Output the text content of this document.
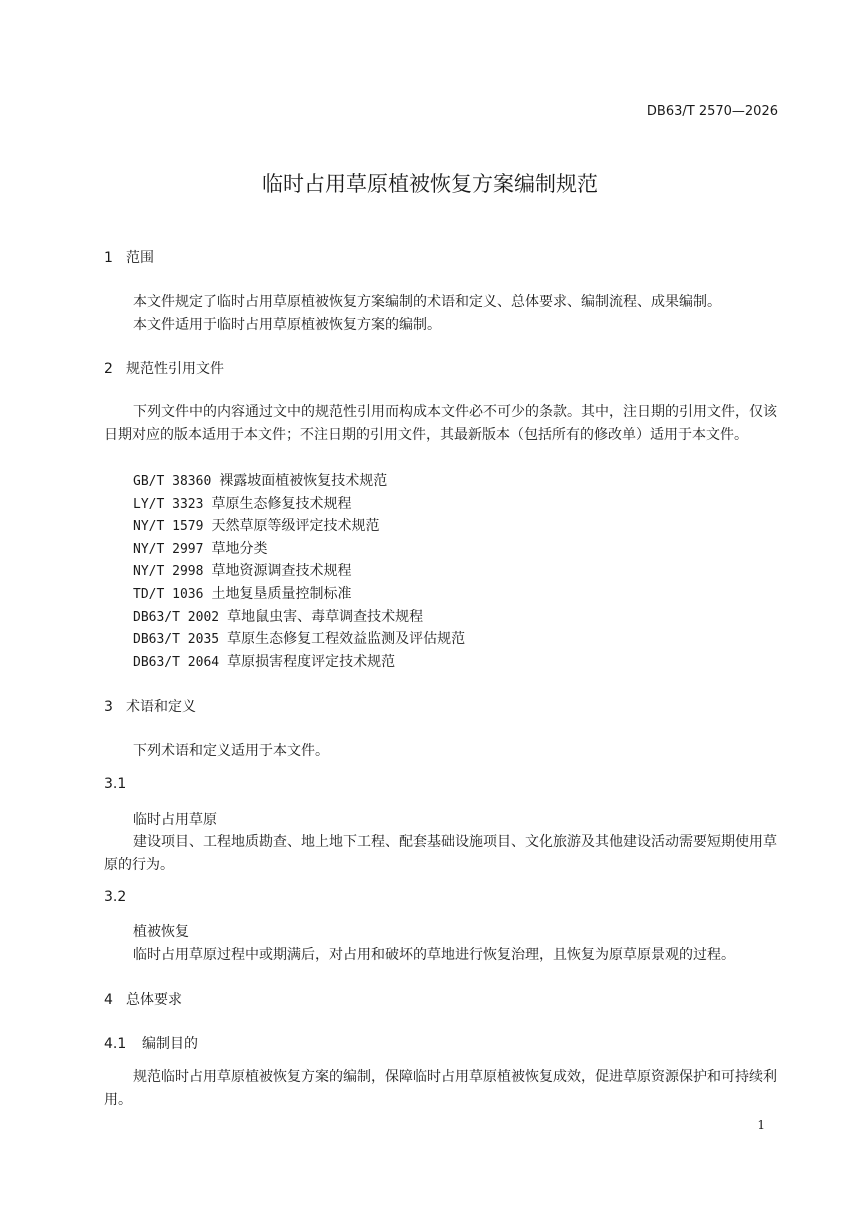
DB63/T 2570—2026
临时占用草原植被恢复方案编制规范
1 范围
本文件规定了临时占用草原植被恢复方案编制的术语和定义、总体要求、编制流程、成果编制。
本文件适用于临时占用草原植被恢复方案的编制。
2 规范性引用文件
下列文件中的内容通过文中的规范性引用而构成本文件必不可少的条款。其中，注日期的引用文件，仅该日期对应的版本适用于本文件；不注日期的引用文件，其最新版本（包括所有的修改单）适用于本文件。
GB/T 38360 裸露坡面植被恢复技术规范
LY/T 3323 草原生态修复技术规程
NY/T 1579 天然草原等级评定技术规范
NY/T 2997 草地分类
NY/T 2998 草地资源调查技术规程
TD/T 1036 土地复垦质量控制标准
DB63/T 2002 草地鼠虫害、毒草调查技术规程
DB63/T 2035 草原生态修复工程效益监测及评估规范
DB63/T 2064 草原损害程度评定技术规范
3 术语和定义
下列术语和定义适用于本文件。
3.1
临时占用草原
建设项目、工程地质勘查、地上地下工程、配套基础设施项目、文化旅游及其他建设活动需要短期使用草原的行为。
3.2
植被恢复
临时占用草原过程中或期满后，对占用和破坏的草地进行恢复治理，且恢复为原草原景观的过程。
4 总体要求
4.1 编制目的
规范临时占用草原植被恢复方案的编制，保障临时占用草原植被恢复成效，促进草原资源保护和可持续利用。
1
